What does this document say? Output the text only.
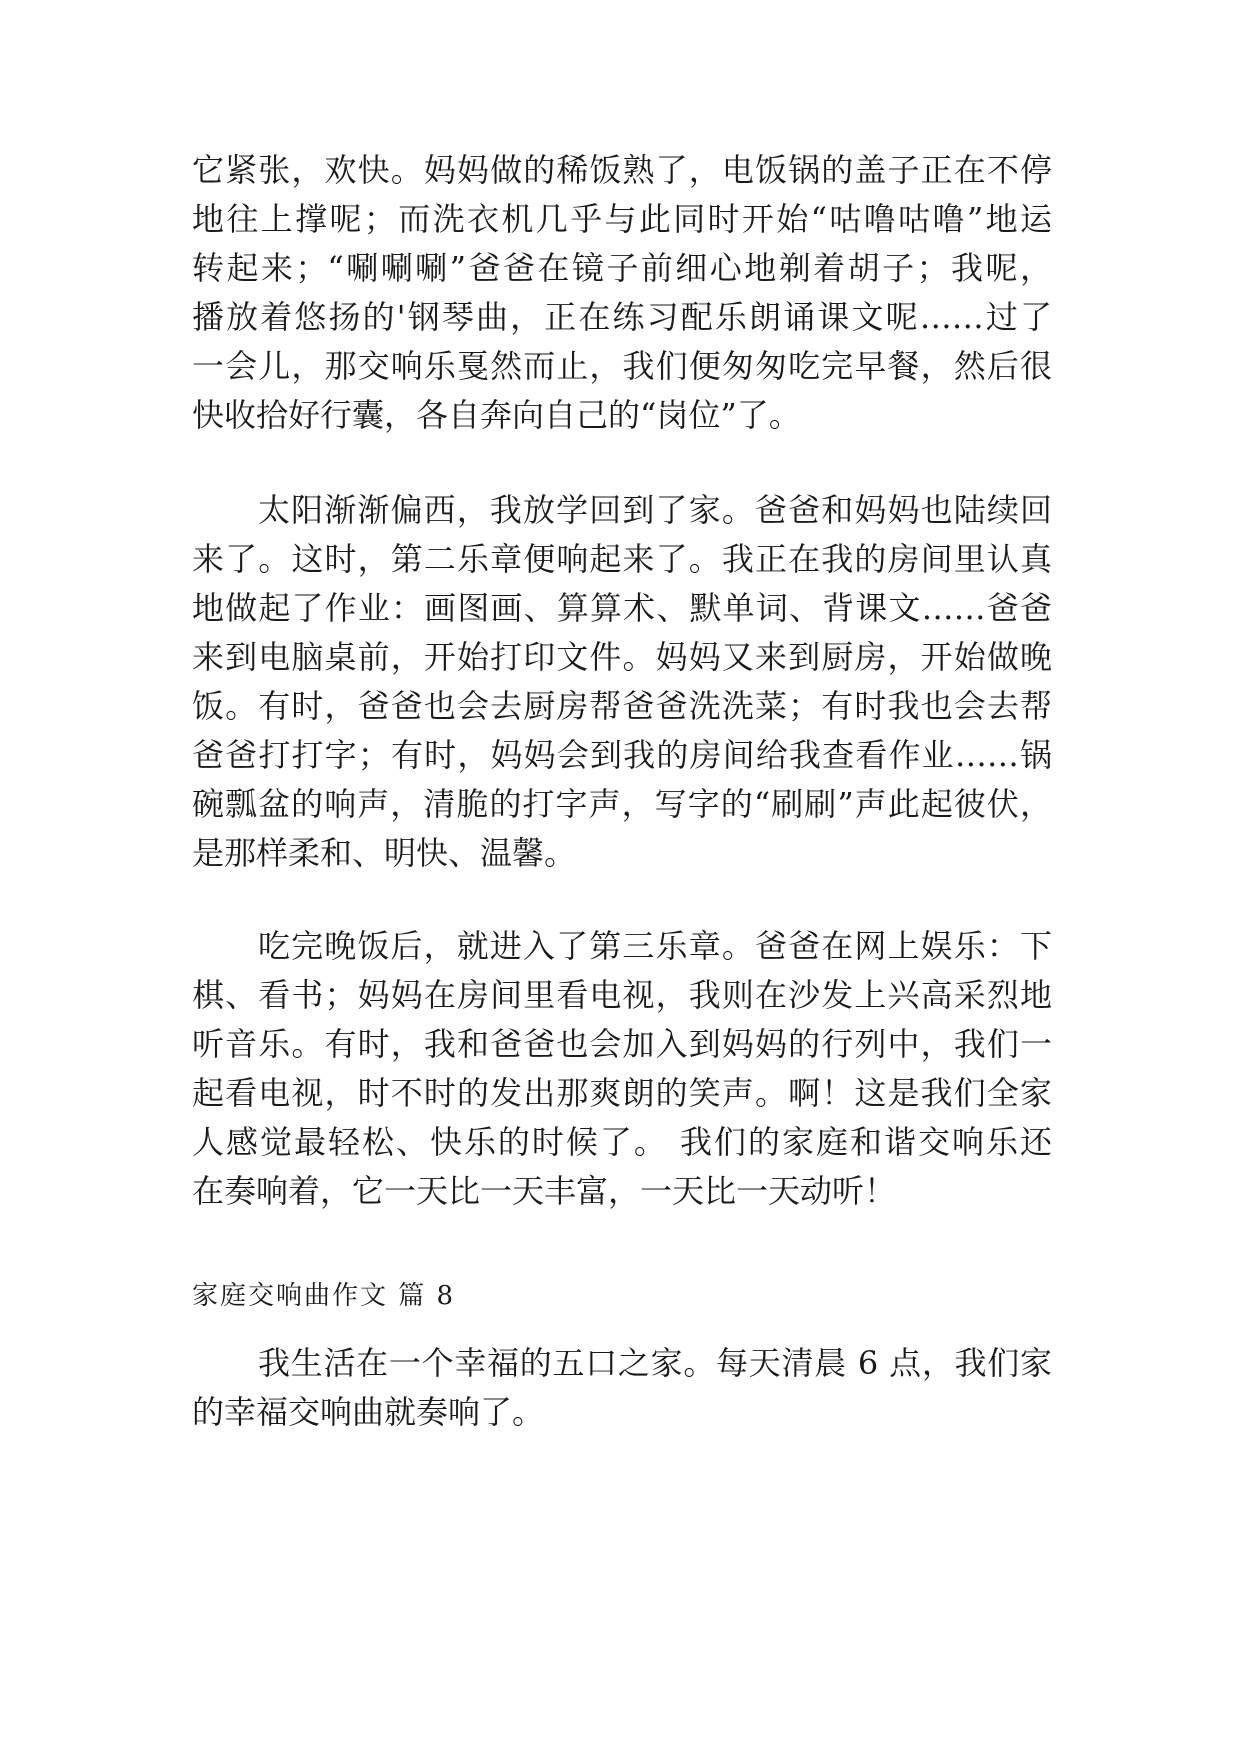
它紧张，欢快。妈妈做的稀饭熟了，电饭锅的盖子正在不停
地往上撑呢；而洗衣机几乎与此同时开始“咕噜咕噜”地运
转起来；“唰唰唰”爸爸在镜子前细心地剃着胡子；我呢，
播放着悠扬的'钢琴曲，正在练习配乐朗诵课文呢……过了
一会儿，那交响乐戛然而止，我们便匆匆吃完早餐，然后很
快收拾好行囊，各自奔向自己的“岗位”了。
太阳渐渐偏西，我放学回到了家。爸爸和妈妈也陆续回
来了。这时，第二乐章便响起来了。我正在我的房间里认真
地做起了作业：画图画、算算术、默单词、背课文……爸爸
来到电脑桌前，开始打印文件。妈妈又来到厨房，开始做晚
饭。有时，爸爸也会去厨房帮爸爸洗洗菜；有时我也会去帮
爸爸打打字；有时，妈妈会到我的房间给我查看作业……锅
碗瓢盆的响声，清脆的打字声，写字的“刷刷”声此起彼伏，
是那样柔和、明快、温馨。
吃完晚饭后，就进入了第三乐章。爸爸在网上娱乐：下
棋、看书；妈妈在房间里看电视，我则在沙发上兴高采烈地
听音乐。有时，我和爸爸也会加入到妈妈的行列中，我们一
起看电视，时不时的发出那爽朗的笑声。啊！这是我们全家
人感觉最轻松、快乐的时候了。 我们的家庭和谐交响乐还
在奏响着，它一天比一天丰富，一天比一天动听！
家庭交响曲作文 篇 8
我生活在一个幸福的五口之家。每天清晨 6 点，我们家
的幸福交响曲就奏响了。
